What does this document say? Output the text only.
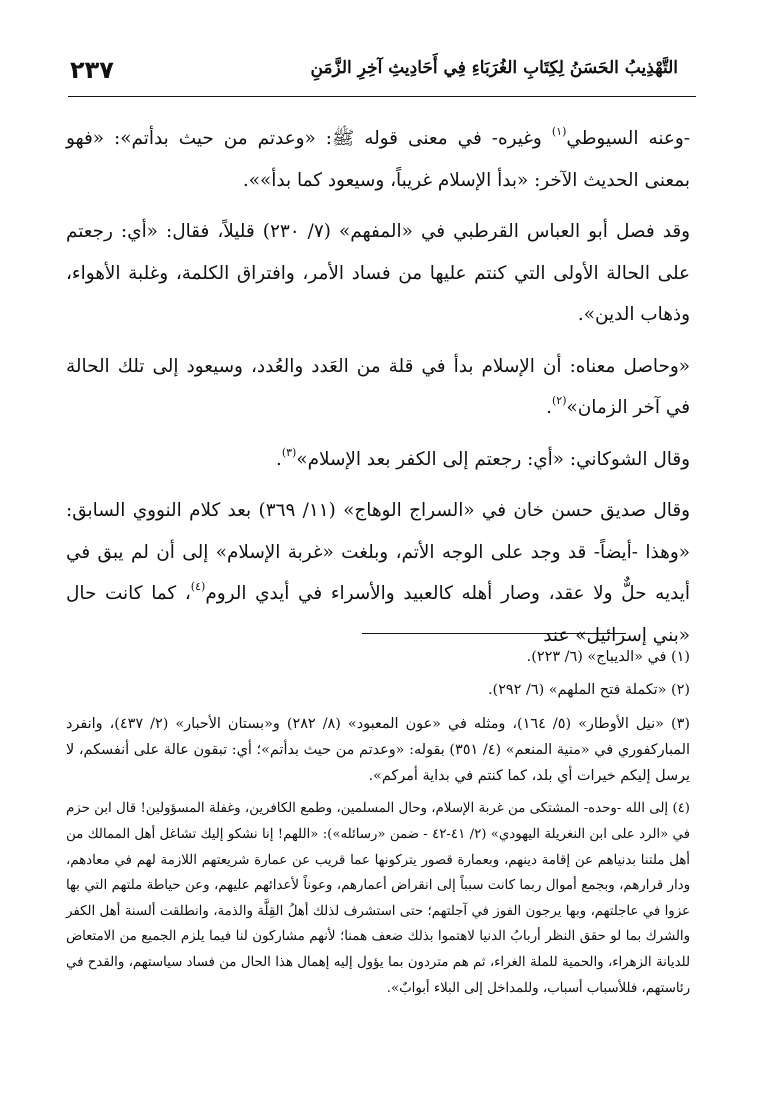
التَّهْذِيبُ الحَسَنُ لِكِتَابِ الغُرَبَاءِ فِي أَحَادِيثِ آخِرِ الزَّمَنِ
٢٣٧

-وعنه السيوطي$^{(١)}$ وغيره- في معنى قوله ﷺ: «وعدتم من حيث بدأتم»: «فهو بمعنى الحديث الآخر: «بدأ الإسلام غريباً، وسيعود كما بدأ»».

وقد فصل أبو العباس القرطبي في «المفهم» (٧/ ٢٣٠) قليلاً، فقال: «أي: رجعتم على الحالة الأولى التي كنتم عليها من فساد الأمر، وافتراق الكلمة، وغلبة الأهواء، وذهاب الدين».

«وحاصل معناه: أن الإسلام بدأ في قلة من العَدد والعُدد، وسيعود إلى تلك الحالة في آخر الزمان»$^{(٢)}$.

وقال الشوكاني: «أي: رجعتم إلى الكفر بعد الإسلام»$^{(٣)}$.

وقال صديق حسن خان في «السراج الوهاج» (١١/ ٣٦٩) بعد كلام النووي السابق: «وهذا -أيضاً- قد وجد على الوجه الأتم، وبلغت «غربة الإسلام» إلى أن لم يبق في أيديه حلٌّ ولا عقد، وصار أهله كالعبيد والأسراء في أيدي الروم$^{(٤)}$، كما كانت حال «بني إسرائيل» عند

(١) في «الديباج» (٦/ ٢٢٣).

(٢) «تكملة فتح الملهم» (٦/ ٢٩٢).

(٣) «نيل الأوطار» (٥/ ١٦٤)، ومثله في «عون المعبود» (٨/ ٢٨٢) و«بستان الأحبار» (٢/ ٤٣٧)، وانفرد المباركفوري في «منية المنعم» (٤/ ٣٥١) بقوله: «وعدتم من حيث بدأتم»؛ أي: تبقون عالة على أنفسكم، لا يرسل إليكم خيرات أي بلد، كما كنتم في بداية أمركم».

(٤) إلى الله -وحده- المشتكى من غربة الإسلام، وحال المسلمين، وطمع الكافرين، وغفلة المسؤولين! قال ابن حزم في «الرد على ابن النغريلة اليهودي» (٢/ ٤١-٤٢ - ضمن «رسائله»): «اللهم! إنا نشكو إليك تشاغل أهل الممالك من أهل ملتنا بدنياهم عن إقامة دينهم، وبعمارة قصور يتركونها عما قريب عن عمارة شريعتهم اللازمة لهم في معادهم، ودار قرارهم، وبجمع أموال ربما كانت سبباً إلى انقراض أعمارهم، وعوناً لأعدائهم عليهم، وعن حياطة ملتهم التي بها عزوا في عاجلتهم، وبها يرجون الفوز في آجلتهم؛ حتى استشرف لذلك أهلُ القِلَّة والذمة، وانطلقت ألسنة أهل الكفر والشرك بما لو حقق النظر أربابُ الدنيا لاهتموا بذلك ضعف همنا؛ لأنهم مشاركون لنا فيما يلزم الجميع من الامتعاض للديانة الزهراء، والحمية للملة الغراء، ثم هم متردون بما يؤول إليه إهمال هذا الحال من فساد سياستهم، والقدح في رئاستهم، فللأسباب أسباب، وللمداخل إلى البلاء أبوابٌ».
